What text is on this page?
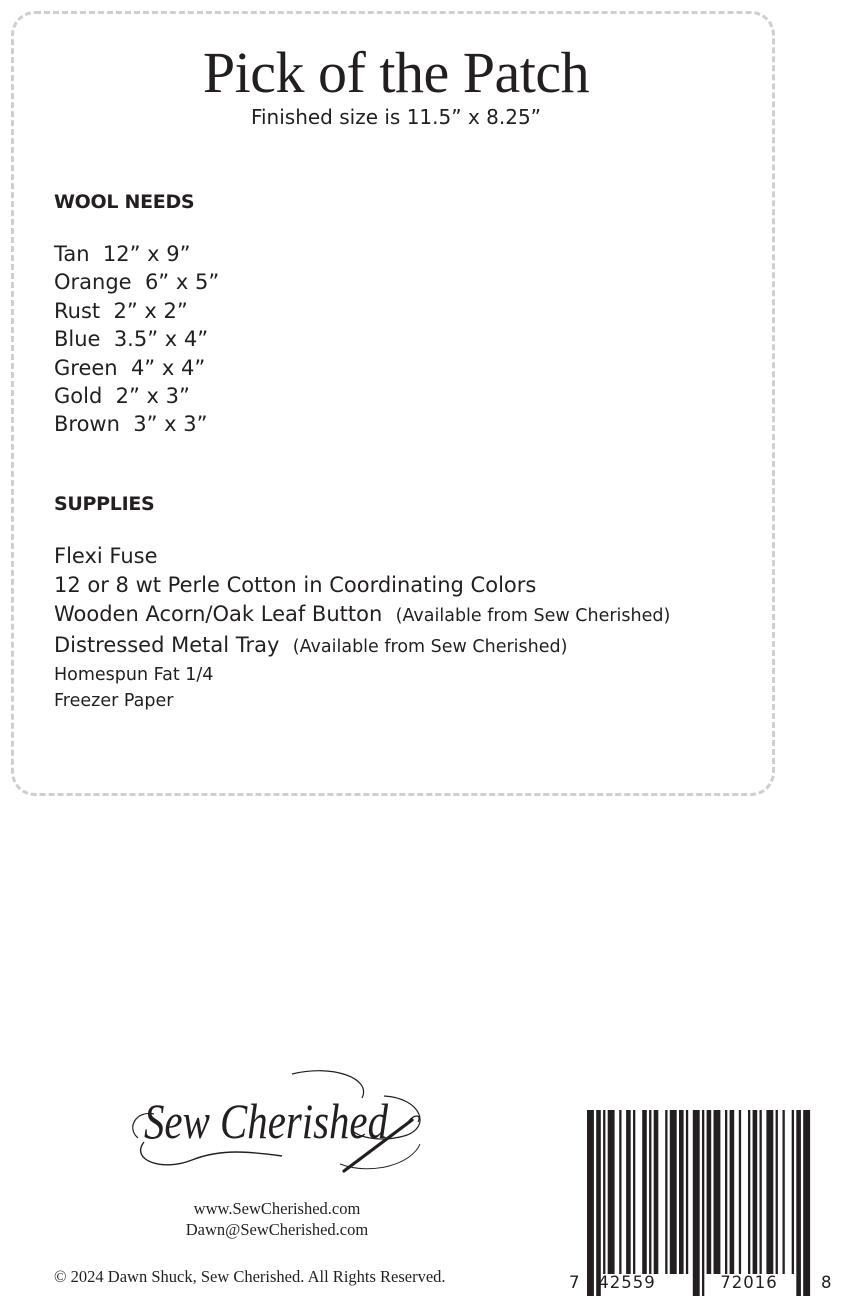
Pick of the Patch
Finished size is 11.5” x 8.25”
WOOL NEEDS
Tan  12” x 9”
Orange  6” x 5”
Rust  2” x 2”
Blue  3.5” x 4”
Green  4” x 4”
Gold  2” x 3”
Brown  3” x 3”
SUPPLIES
Flexi Fuse
12 or 8 wt Perle Cotton in Coordinating Colors
Wooden Acorn/Oak Leaf Button (Available from Sew Cherished)
Distressed Metal Tray (Available from Sew Cherished)
Homespun Fat 1/4
Freezer Paper
Sew Cherished
www.SewCherished.com
Dawn@SewCherished.com
© 2024 Dawn Shuck, Sew Cherished. All Rights Reserved.	7 42559	72016	8
